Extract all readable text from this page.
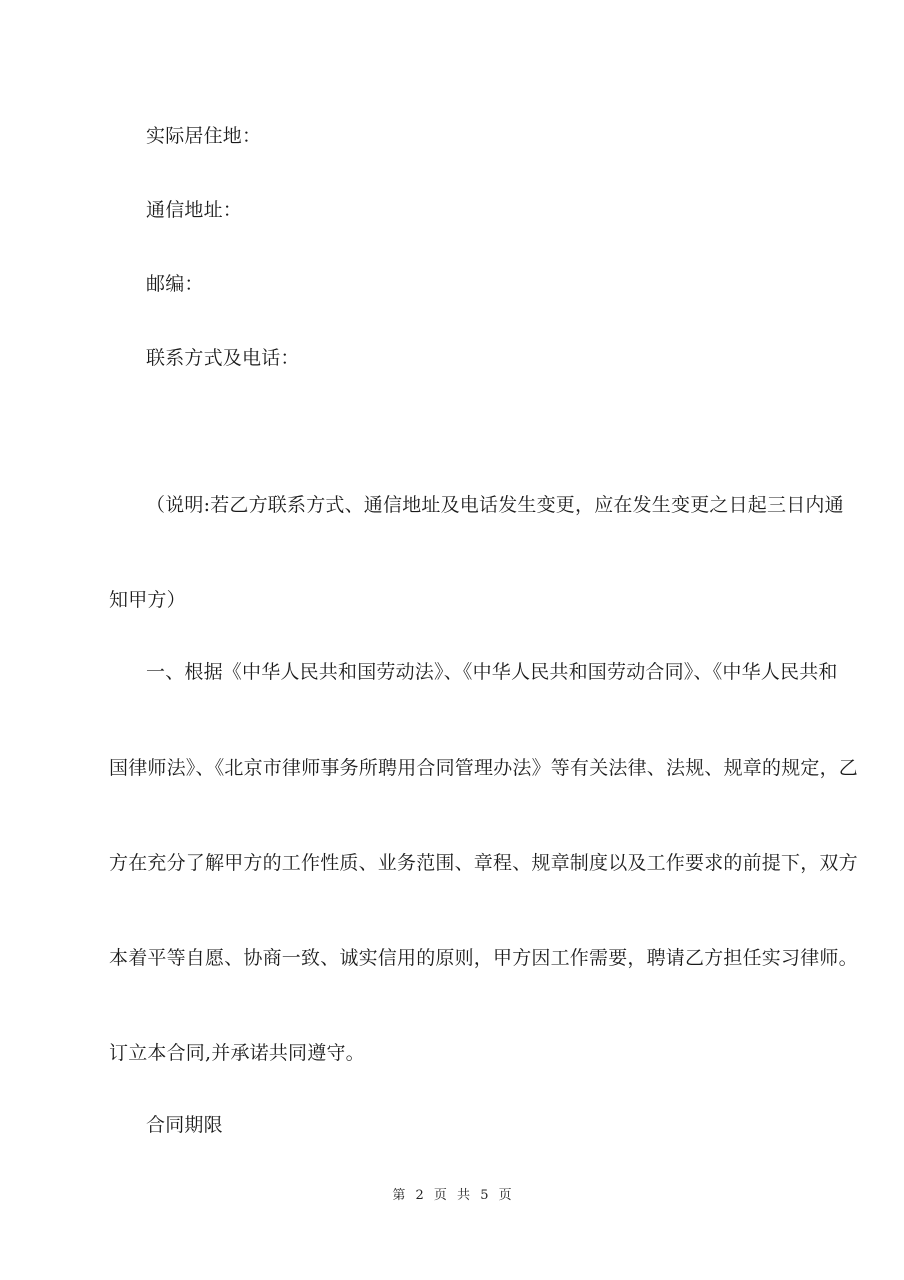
实际居住地：
通信地址：
邮编：
联系方式及电话：
（说明:若乙方联系方式、通信地址及电话发生变更，应在发生变更之日起三日内通
知甲方）
一、根据《中华人民共和国劳动法》、《中华人民共和国劳动合同》、《中华人民共和
国律师法》、《北京市律师事务所聘用合同管理办法》等有关法律、法规、规章的规定，乙
方在充分了解甲方的工作性质、业务范围、章程、规章制度以及工作要求的前提下，双方
本着平等自愿、协商一致、诚实信用的原则，甲方因工作需要，聘请乙方担任实习律师。
订立本合同,并承诺共同遵守。
合同期限
第 2 页 共 5 页
